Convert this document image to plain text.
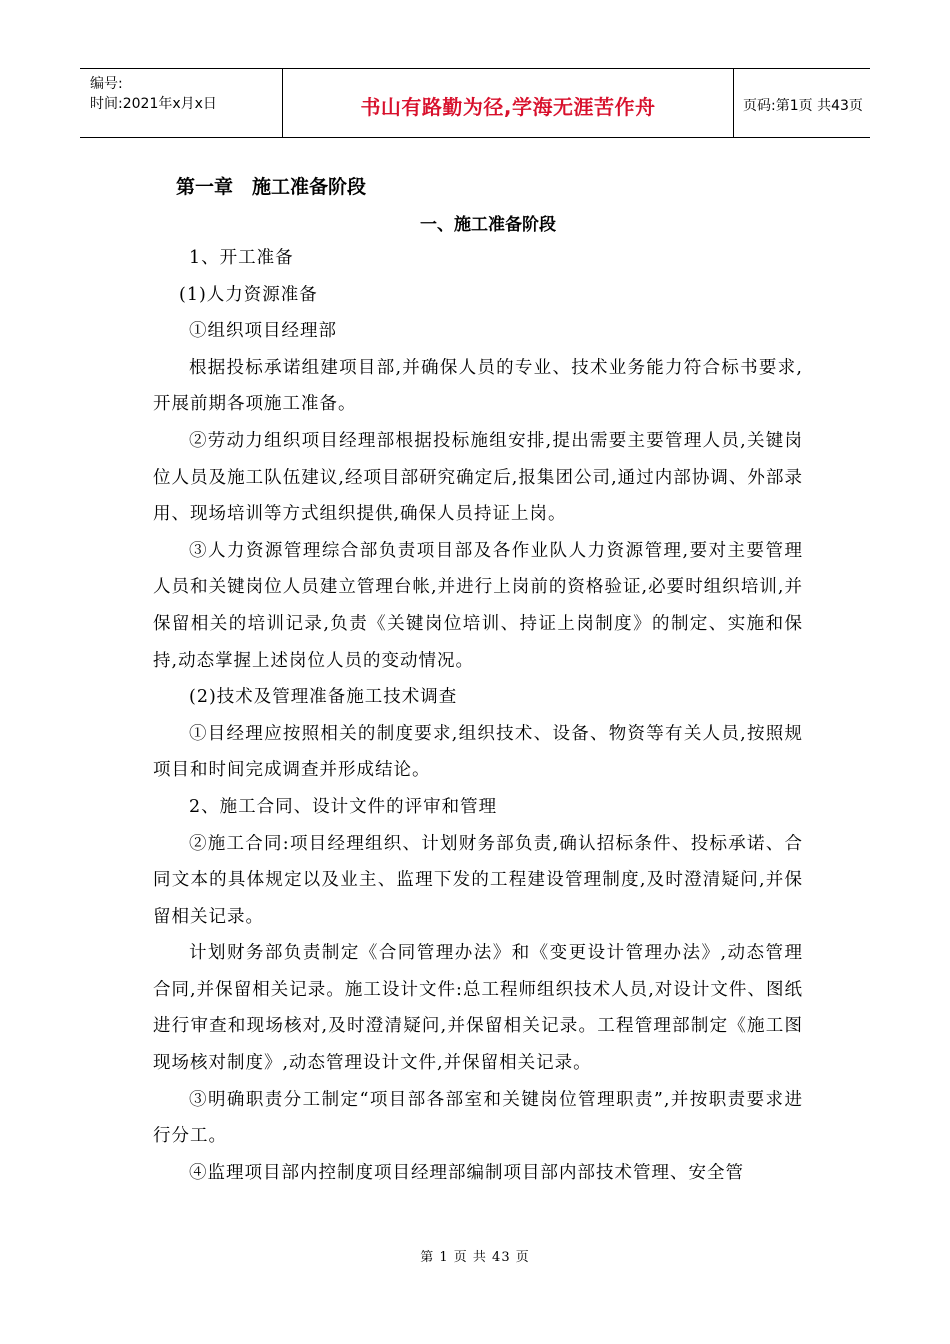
编号:
时间:2021年x月x日	书山有路勤为径,学海无涯苦作舟	页码:第1页 共43页
第一章　施工准备阶段
一、施工准备阶段

1、开工准备

(1)人力资源准备

①组织项目经理部

根据投标承诺组建项目部,并确保人员的专业、技术业务能力符合标书要求,开展前期各项施工准备。

②劳动力组织项目经理部根据投标施组安排,提出需要主要管理人员,关键岗位人员及施工队伍建议,经项目部研究确定后,报集团公司,通过内部协调、外部录用、现场培训等方式组织提供,确保人员持证上岗。

③人力资源管理综合部负责项目部及各作业队人力资源管理,要对主要管理人员和关键岗位人员建立管理台帐,并进行上岗前的资格验证,必要时组织培训,并保留相关的培训记录,负责《关键岗位培训、持证上岗制度》的制定、实施和保持,动态掌握上述岗位人员的变动情况。

(2)技术及管理准备施工技术调查

①目经理应按照相关的制度要求,组织技术、设备、物资等有关人员,按照规项目和时间完成调查并形成结论。

2、施工合同、设计文件的评审和管理

②施工合同:项目经理组织、计划财务部负责,确认招标条件、投标承诺、合同文本的具体规定以及业主、监理下发的工程建设管理制度,及时澄清疑问,并保留相关记录。

计划财务部负责制定《合同管理办法》和《变更设计管理办法》,动态管理合同,并保留相关记录。施工设计文件:总工程师组织技术人员,对设计文件、图纸进行审查和现场核对,及时澄清疑问,并保留相关记录。工程管理部制定《施工图现场核对制度》,动态管理设计文件,并保留相关记录。

③明确职责分工制定“项目部各部室和关键岗位管理职责”,并按职责要求进行分工。

④监理项目部内控制度项目经理部编制项目部内部技术管理、安全管

第 1 页 共 43 页
